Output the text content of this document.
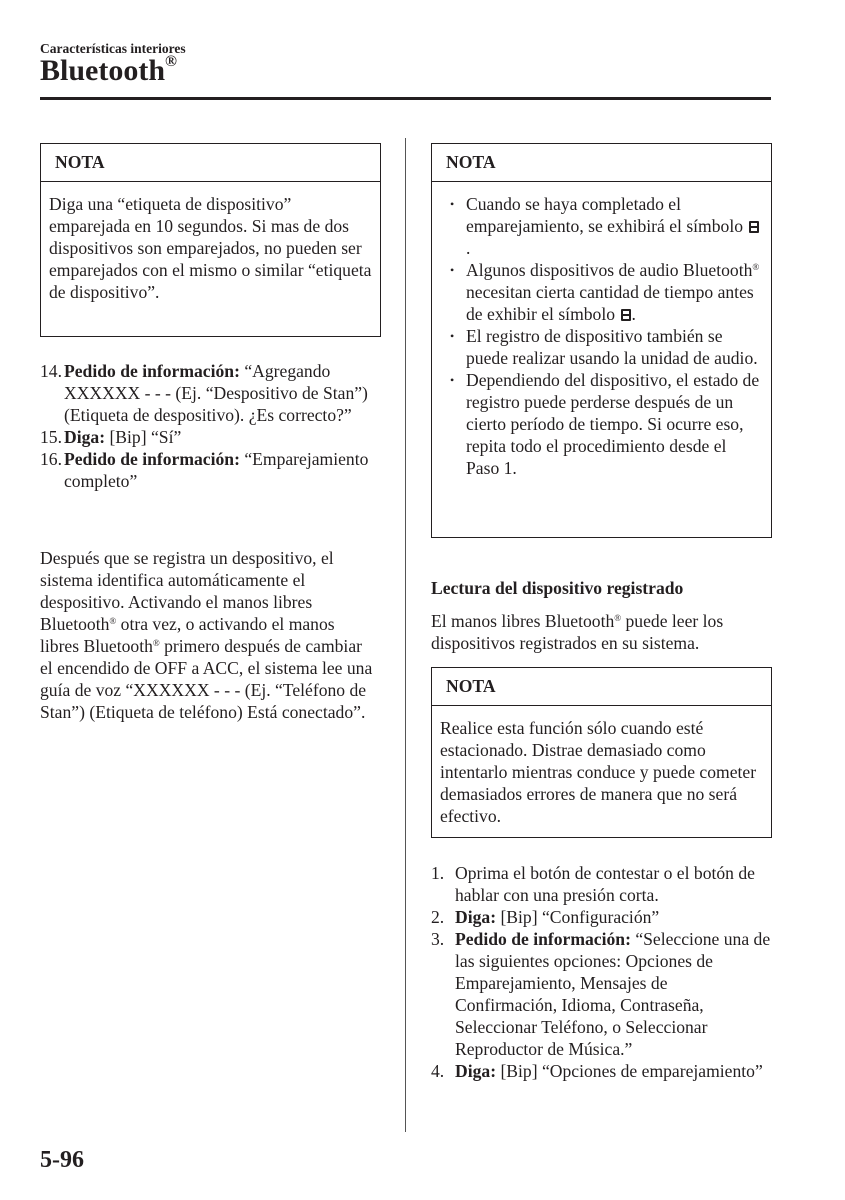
Características interiores
Bluetooth®
NOTA
Diga una “etiqueta de dispositivo” emparejada en 10 segundos. Si mas de dos dispositivos son emparejados, no pueden ser emparejados con el mismo o similar “etiqueta de dispositivo”.
14. Pedido de información: “Agregando XXXXXX - - - (Ej. “Despositivo de Stan”) (Etiqueta de despositivo). ¿Es correcto?”
15. Diga: [Bip] “Sí”
16. Pedido de información: “Emparejamiento completo”

Después que se registra un despositivo, el sistema identifica automáticamente el despositivo. Activando el manos libres Bluetooth® otra vez, o activando el manos libres Bluetooth® primero después de cambiar el encendido de OFF a ACC, el sistema lee una guía de voz “XXXXXX - - - (Ej. “Teléfono de Stan”) (Etiqueta de teléfono) Está conectado”.

NOTA
• Cuando se haya completado el emparejamiento, se exhibirá el símbolo .
• Algunos dispositivos de audio Bluetooth® necesitan cierta cantidad de tiempo antes de exhibir el símbolo .
• El registro de dispositivo también se puede realizar usando la unidad de audio.
• Dependiendo del dispositivo, el estado de registro puede perderse después de un cierto período de tiempo. Si ocurre eso, repita todo el procedimiento desde el Paso 1.
Lectura del dispositivo registrado

El manos libres Bluetooth® puede leer los dispositivos registrados en su sistema.

NOTA
Realice esta función sólo cuando esté estacionado. Distrae demasiado como intentarlo mientras conduce y puede cometer demasiados errores de manera que no será efectivo.
1. Oprima el botón de contestar o el botón de hablar con una presión corta.
2. Diga: [Bip] “Configuración”
3. Pedido de información: “Seleccione una de las siguientes opciones: Opciones de Emparejamiento, Mensajes de Confirmación, Idioma, Contraseña, Seleccionar Teléfono, o Seleccionar Reproductor de Música.”
4. Diga: [Bip] “Opciones de emparejamiento”
5-96
